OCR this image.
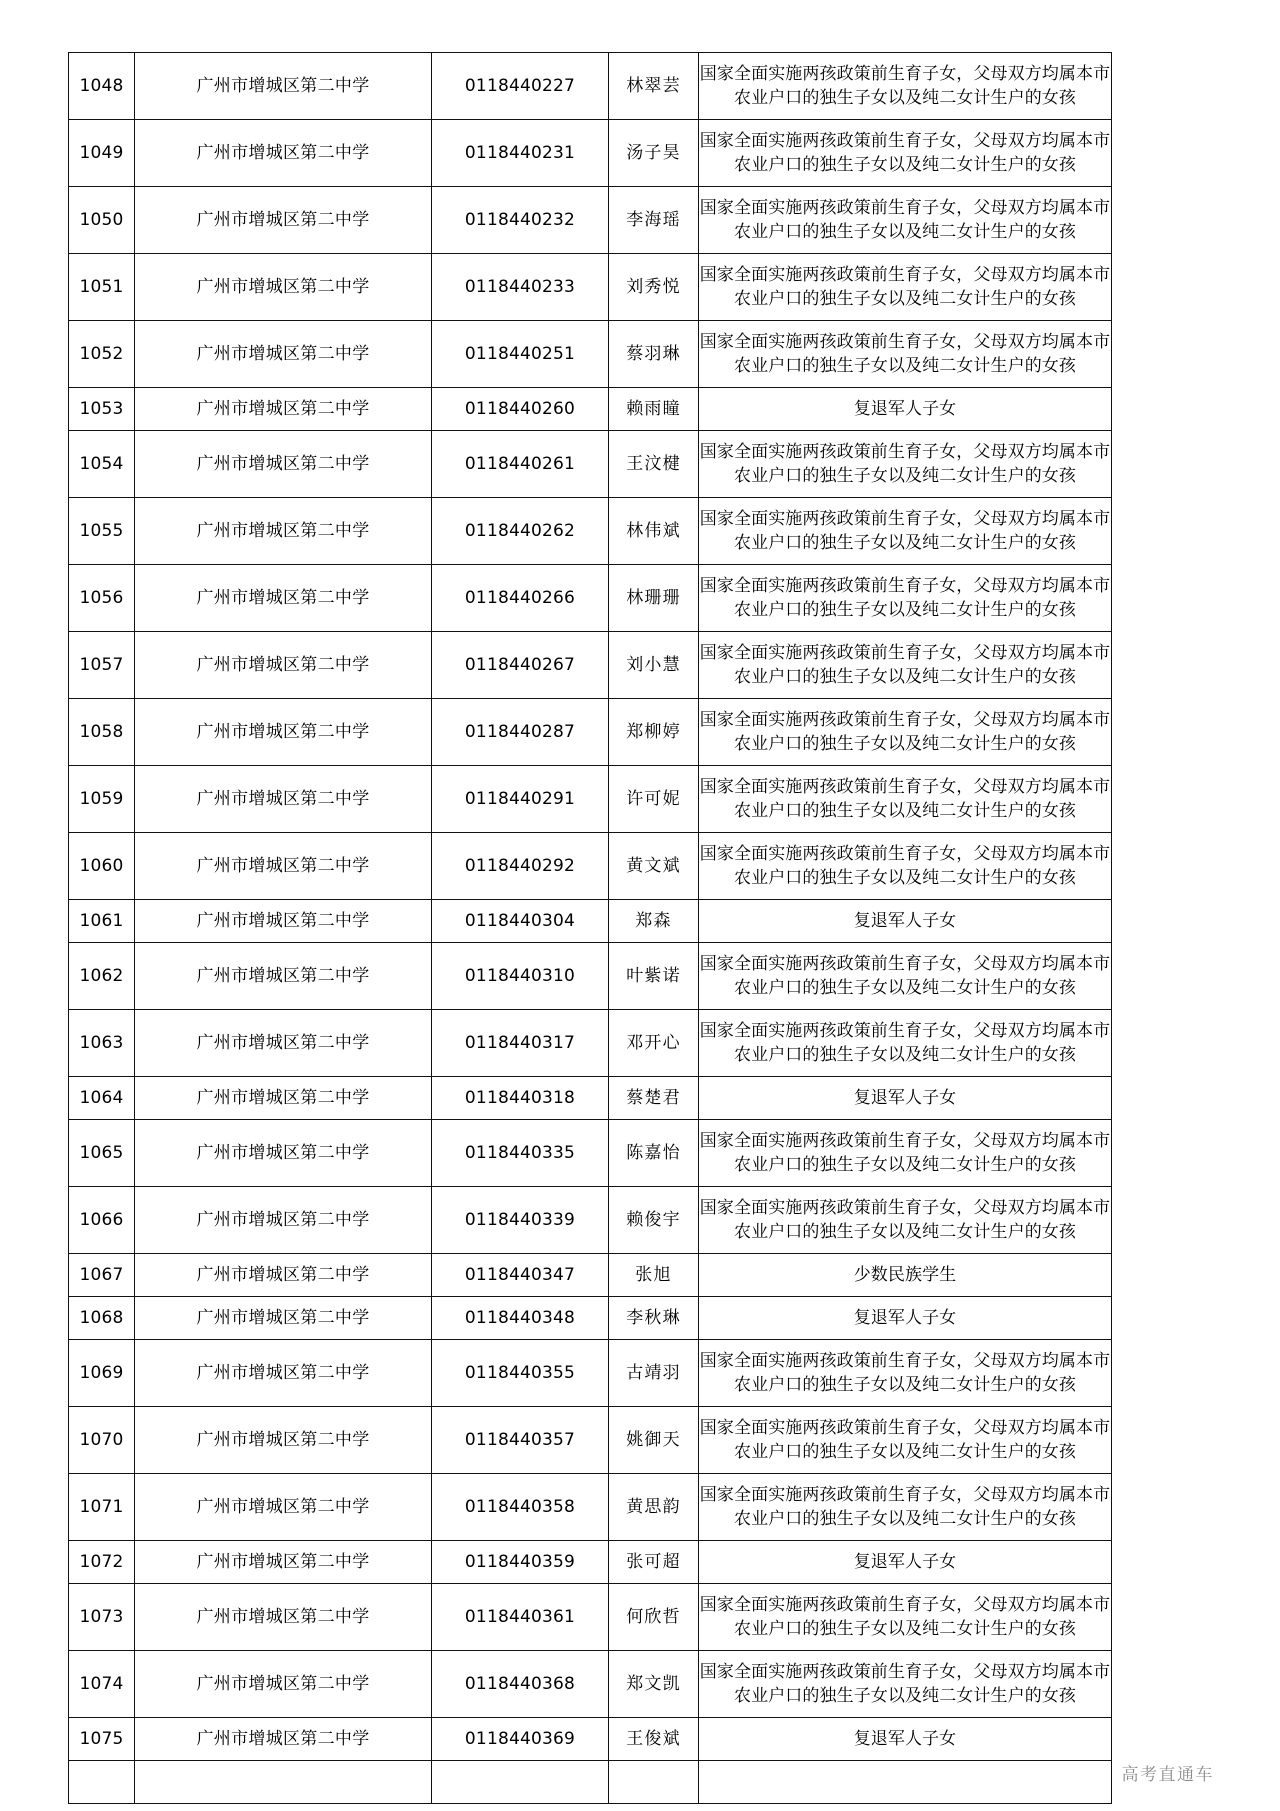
1048	广州市增城区第二中学	0118440227	林翠芸	国家全面实施两孩政策前生育子女，父母双方均属本市农业户口的独生子女以及纯二女计生户的女孩

1049	广州市增城区第二中学	0118440231	汤子昊	国家全面实施两孩政策前生育子女，父母双方均属本市农业户口的独生子女以及纯二女计生户的女孩

1050	广州市增城区第二中学	0118440232	李海瑶	国家全面实施两孩政策前生育子女，父母双方均属本市农业户口的独生子女以及纯二女计生户的女孩

1051	广州市增城区第二中学	0118440233	刘秀悦	国家全面实施两孩政策前生育子女，父母双方均属本市农业户口的独生子女以及纯二女计生户的女孩

1052	广州市增城区第二中学	0118440251	蔡羽琳	国家全面实施两孩政策前生育子女，父母双方均属本市农业户口的独生子女以及纯二女计生户的女孩

1053	广州市增城区第二中学	0118440260	赖雨瞳	复退军人子女

1054	广州市增城区第二中学	0118440261	王汶楗	国家全面实施两孩政策前生育子女，父母双方均属本市农业户口的独生子女以及纯二女计生户的女孩

1055	广州市增城区第二中学	0118440262	林伟斌	国家全面实施两孩政策前生育子女，父母双方均属本市农业户口的独生子女以及纯二女计生户的女孩

1056	广州市增城区第二中学	0118440266	林珊珊	国家全面实施两孩政策前生育子女，父母双方均属本市农业户口的独生子女以及纯二女计生户的女孩

1057	广州市增城区第二中学	0118440267	刘小慧	国家全面实施两孩政策前生育子女，父母双方均属本市农业户口的独生子女以及纯二女计生户的女孩

1058	广州市增城区第二中学	0118440287	郑柳婷	国家全面实施两孩政策前生育子女，父母双方均属本市农业户口的独生子女以及纯二女计生户的女孩

1059	广州市增城区第二中学	0118440291	许可妮	国家全面实施两孩政策前生育子女，父母双方均属本市农业户口的独生子女以及纯二女计生户的女孩

1060	广州市增城区第二中学	0118440292	黄文斌	国家全面实施两孩政策前生育子女，父母双方均属本市农业户口的独生子女以及纯二女计生户的女孩

1061	广州市增城区第二中学	0118440304	郑森	复退军人子女

1062	广州市增城区第二中学	0118440310	叶紫诺	国家全面实施两孩政策前生育子女，父母双方均属本市农业户口的独生子女以及纯二女计生户的女孩

1063	广州市增城区第二中学	0118440317	邓开心	国家全面实施两孩政策前生育子女，父母双方均属本市农业户口的独生子女以及纯二女计生户的女孩

1064	广州市增城区第二中学	0118440318	蔡楚君	复退军人子女

1065	广州市增城区第二中学	0118440335	陈嘉怡	国家全面实施两孩政策前生育子女，父母双方均属本市农业户口的独生子女以及纯二女计生户的女孩

1066	广州市增城区第二中学	0118440339	赖俊宇	国家全面实施两孩政策前生育子女，父母双方均属本市农业户口的独生子女以及纯二女计生户的女孩

1067	广州市增城区第二中学	0118440347	张旭	少数民族学生

1068	广州市增城区第二中学	0118440348	李秋琳	复退军人子女

1069	广州市增城区第二中学	0118440355	古靖羽	国家全面实施两孩政策前生育子女，父母双方均属本市农业户口的独生子女以及纯二女计生户的女孩

1070	广州市增城区第二中学	0118440357	姚御天	国家全面实施两孩政策前生育子女，父母双方均属本市农业户口的独生子女以及纯二女计生户的女孩

1071	广州市增城区第二中学	0118440358	黄思韵	国家全面实施两孩政策前生育子女，父母双方均属本市农业户口的独生子女以及纯二女计生户的女孩

1072	广州市增城区第二中学	0118440359	张可超	复退军人子女

1073	广州市增城区第二中学	0118440361	何欣哲	国家全面实施两孩政策前生育子女，父母双方均属本市农业户口的独生子女以及纯二女计生户的女孩

1074	广州市增城区第二中学	0118440368	郑文凯	国家全面实施两孩政策前生育子女，父母双方均属本市农业户口的独生子女以及纯二女计生户的女孩

1075	广州市增城区第二中学	0118440369	王俊斌	复退军人子女

高考直通车
